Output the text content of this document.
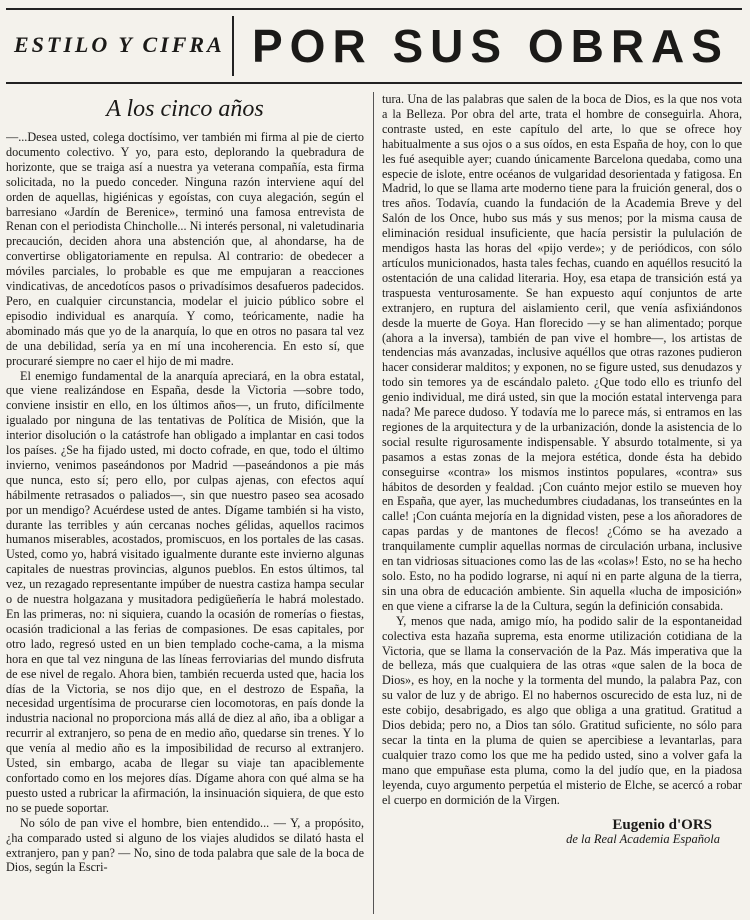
ESTILO Y CIFRA POR SUS OBRAS
A los cinco años

—...Desea usted, colega doctísimo, ver también mi firma al pie de cierto documento colectivo. Y yo, para esto, deplorando la quebradura de horizonte, que se traiga así a nuestra ya veterana compañía, esta firma solicitada, no la puedo conceder. Ninguna razón interviene aquí del orden de aquellas, higiénicas y egoístas, con cuya alegación, según el barresiano «Jardín de Berenice», terminó una famosa entrevista de Renan con el periodista Chincholle... Ni interés personal, ni valetudinaria precaución, deciden ahora una abstención que, al ahondarse, ha de convertirse obligatoriamente en repulsa. Al contrario: de obedecer a móviles parciales, lo probable es que me empujaran a reacciones vindicativas, de ancedotícos pasos o privadísimos desafueros padecidos. Pero, en cualquier circunstancia, modelar el juicio público sobre el episodio individual es anarquía. Y como, teóricamente, nadie ha abominado más que yo de la anarquía, lo que en otros no pasara tal vez de una debilidad, sería ya en mí una incoherencia. En esto sí, que procuraré siempre no caer el hijo de mi madre.

El enemigo fundamental de la anarquía apreciará, en la obra estatal, que viene realizándose en España, desde la Victoria —sobre todo, conviene insistir en ello, en los últimos años—, un fruto, difícilmente igualado por ninguna de las tentativas de Política de Misión, que la interior disolución o la catástrofe han obligado a implantar en casi todos los países. ¿Se ha fijado usted, mi docto cofrade, en que, todo el último invierno, venimos paseándonos por Madrid —paseándonos a pie más que nunca, esto sí; pero ello, por culpas ajenas, con efectos aquí hábilmente retrasados o paliados—, sin que nuestro paseo sea acosado por un mendigo? Acuérdese usted de antes. Dígame también si ha visto, durante las terribles y aún cercanas noches gélidas, aquellos racimos humanos miserables, acostados, promiscuos, en los portales de las casas. Usted, como yo, habrá visitado igualmente durante este invierno algunas capitales de nuestras provincias, algunos pueblos. En estos últimos, tal vez, un rezagado representante impúber de nuestra castiza hampa secular o de nuestra holgazana y musitadora pedigüeñería le habrá molestado. En las primeras, no: ni siquiera, cuando la ocasión de romerías o fiestas, ocasión tradicional a las ferias de compasiones. De esas capitales, por otro lado, regresó usted en un bien templado coche-cama, a la misma hora en que tal vez ninguna de las líneas ferroviarias del mundo disfruta de ese nivel de regalo. Ahora bien, también recuerda usted que, hacia los días de la Victoria, se nos dijo que, en el destrozo de España, la necesidad urgentísima de procurarse cien locomotoras, en país donde la industria nacional no proporciona más allá de diez al año, iba a obligar a recurrir al extranjero, so pena de en medio año, quedarse sin trenes. Y lo que venía al medio año es la imposibilidad de recurso al extranjero. Usted, sin embargo, acaba de llegar su viaje tan apaciblemente confortado como en los mejores días. Dígame ahora con qué alma se ha puesto usted a rubricar la afirmación, la insinuación siquiera, de que esto no se puede soportar.

No sólo de pan vive el hombre, bien entendido... — Y, a propósito, ¿ha comparado usted si alguno de los viajes aludidos se dilató hasta el extranjero, pan y pan? — No, sino de toda palabra que sale de la boca de Dios, según la Escri-

tura. Una de las palabras que salen de la boca de Dios, es la que nos vota a la Belleza. Por obra del arte, trata el hombre de conseguirla. Ahora, contraste usted, en este capítulo del arte, lo que se ofrece hoy habitualmente a sus ojos o a sus oídos, en esta España de hoy, con lo que les fué asequible ayer; cuando únicamente Barcelona quedaba, como una especie de islote, entre océanos de vulgaridad desorientada y fatigosa. En Madrid, lo que se llama arte moderno tiene para la fruición general, dos o tres años. Todavía, cuando la fundación de la Academia Breve y del Salón de los Once, hubo sus más y sus menos; por la misma causa de eliminación residual insuficiente, que hacía persistir la pululación de mendigos hasta las horas del «pijo verde»; y de periódicos, con sólo artículos municionados, hasta tales fechas, cuando en aquéllos resucitó la ostentación de una calidad literaria. Hoy, esa etapa de transición está ya traspuesta venturosamente. Se han expuesto aquí conjuntos de arte extranjero, en ruptura del aislamiento ceril, que venía asfixiándonos desde la muerte de Goya. Han florecido —y se han alimentado; porque (ahora a la inversa), también de pan vive el hombre—, los artistas de tendencias más avanzadas, inclusive aquéllos que otras razones pudieron hacer considerar malditos; y exponen, no se figure usted, sus denudazos y todo sin temores ya de escándalo paleto. ¿Que todo ello es triunfo del genio individual, me dirá usted, sin que la moción estatal intervenga para nada? Me parece dudoso. Y todavía me lo parece más, si entramos en las regiones de la arquitectura y de la urbanización, donde la asistencia de lo social resulte rigurosamente indispensable. Y absurdo totalmente, si ya pasamos a estas zonas de la mejora estética, donde ésta ha debido conseguirse «contra» los mismos instintos populares, «contra» sus hábitos de desorden y fealdad. ¡Con cuánto mejor estilo se mueven hoy en España, que ayer, las muchedumbres ciudadanas, los transeúntes en la calle! ¡Con cuánta mejoría en la dignidad visten, pese a los añoradores de capas pardas y de mantones de flecos! ¿Cómo se ha avezado a tranquilamente cumplir aquellas normas de circulación urbana, inclusive en tan vidriosas situaciones como las de las «colas»! Esto, no se ha hecho solo. Esto, no ha podido lograrse, ni aquí ni en parte alguna de la tierra, sin una obra de educación ambiente. Sin aquella «lucha de imposición» en que viene a cifrarse la de la Cultura, según la definición consabida.

Y, menos que nada, amigo mío, ha podido salir de la espontaneidad colectiva esta hazaña suprema, esta enorme utilización cotidiana de la Victoria, que se llama la conservación de la Paz. Más imperativa que la de belleza, más que cualquiera de las otras «que salen de la boca de Dios», es hoy, en la noche y la tormenta del mundo, la palabra Paz, con su valor de luz y de abrigo. El no habernos oscurecido de esta luz, ni de este cobijo, desabrigado, es algo que obliga a una gratitud. Gratitud a Dios debida; pero no, a Dios tan sólo. Gratitud suficiente, no sólo para secar la tinta en la pluma de quien se apercibiese a levantarlas, para cualquier trazo como los que me ha pedido usted, sino a volver gafa la mano que empuñase esta pluma, como la del judío que, en la piadosa leyenda, cuyo argumento perpetúa el misterio de Elche, se acercó a robar el cuerpo en dormición de la Virgen.

Eugenio d'ORS
de la Real Academia Española
